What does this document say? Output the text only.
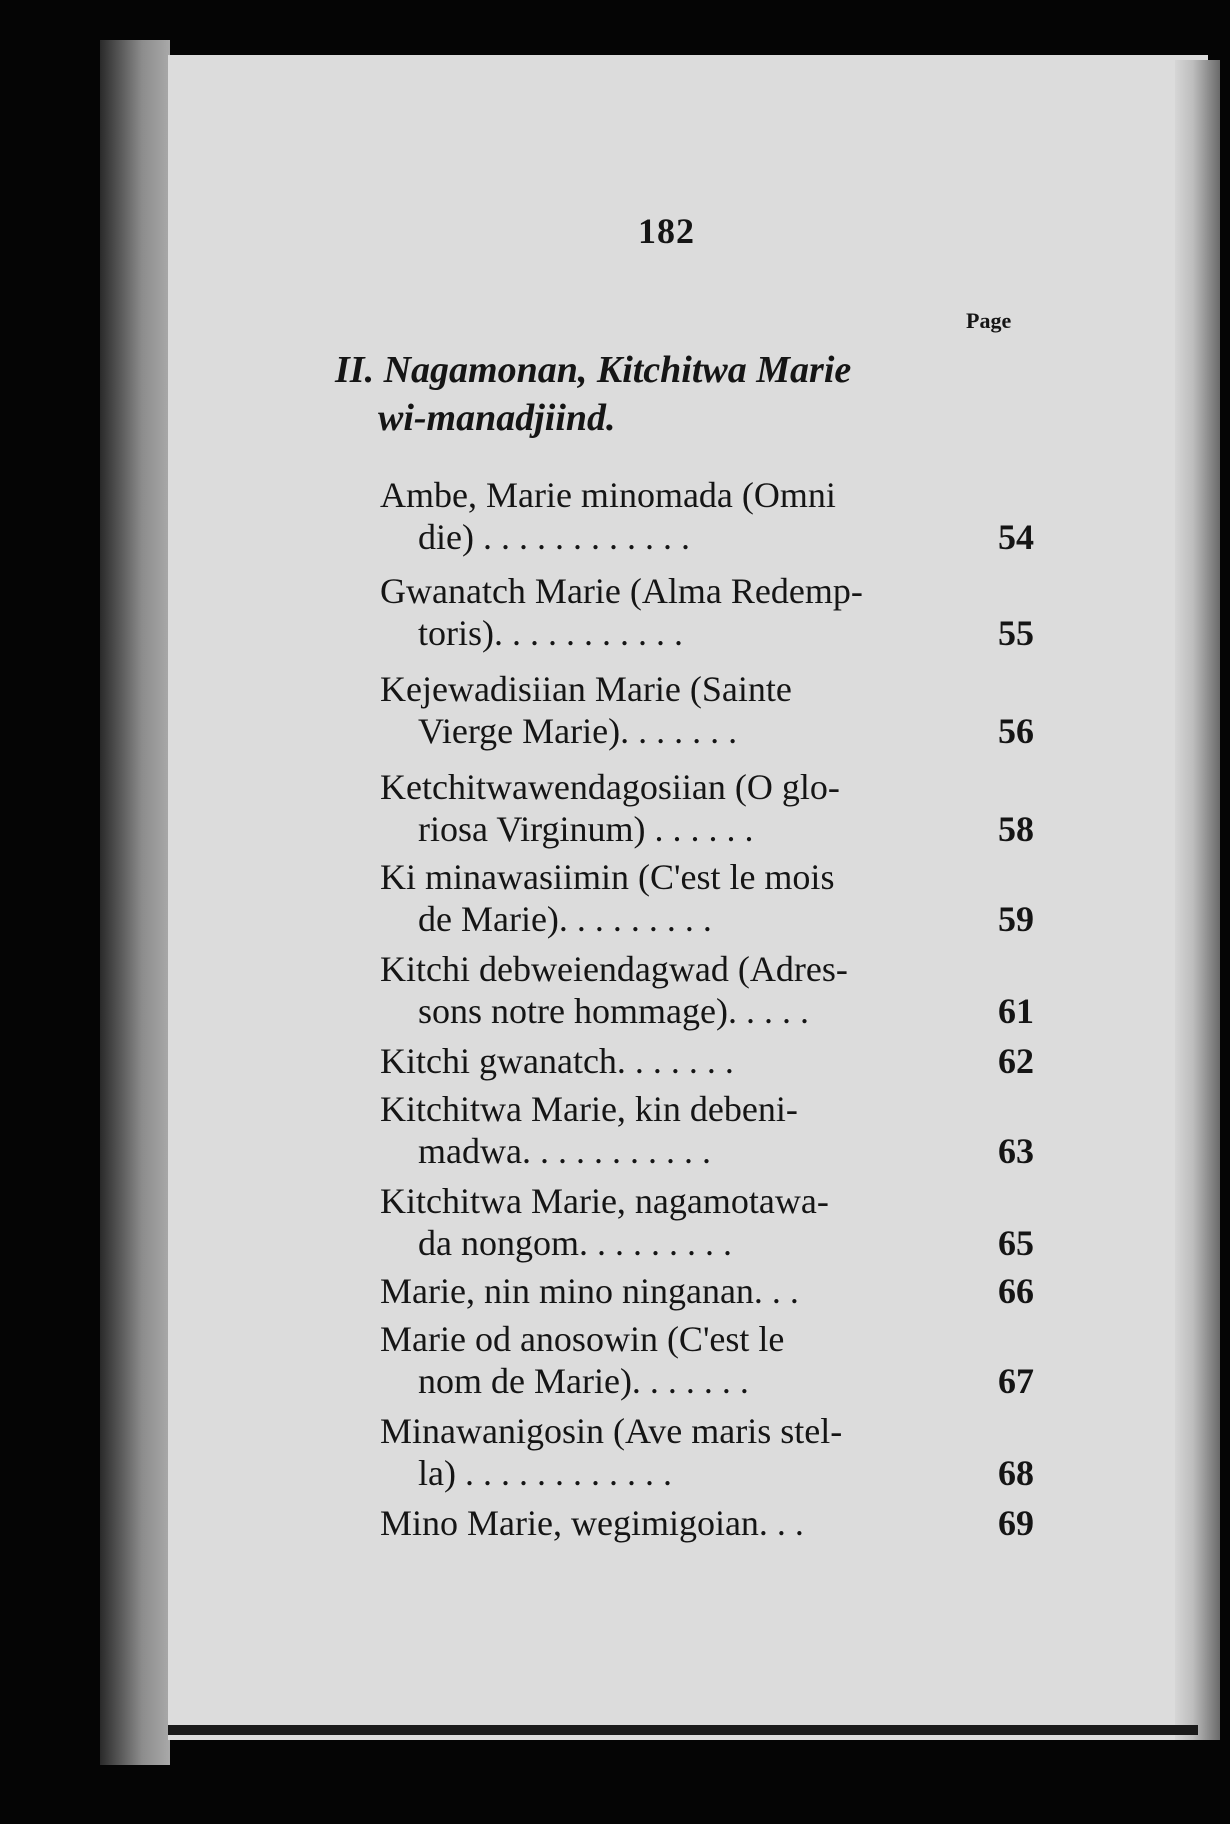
182
Page
II. Nagamonan, Kitchitwa Marie
wi-manadjiind.
Ambe, Marie minomada (Omni
die) . . . . . . . . . . . .	54
Gwanatch Marie (Alma Redemp-
toris). . . . . . . . . . .	55
Kejewadisiian Marie (Sainte
Vierge Marie). . . . . . .	56
Ketchitwawendagosiian (O glo-
riosa Virginum) . . . . . .	58
Ki minawasiimin (C'est le mois
de Marie). . . . . . . . .	59
Kitchi debweiendagwad (Adres-
sons notre hommage). . . . .	61
Kitchi gwanatch. . . . . . .	62
Kitchitwa Marie, kin debeni-
madwa. . . . . . . . . . .	63
Kitchitwa Marie, nagamotawa-
da nongom. . . . . . . . .	65
Marie, nin mino ninganan. . .	66
Marie od anosowin (C'est le
nom de Marie). . . . . . .	67
Minawanigosin (Ave maris stel-
la) . . . . . . . . . . . .	68
Mino Marie, wegimigoian. . .	69
